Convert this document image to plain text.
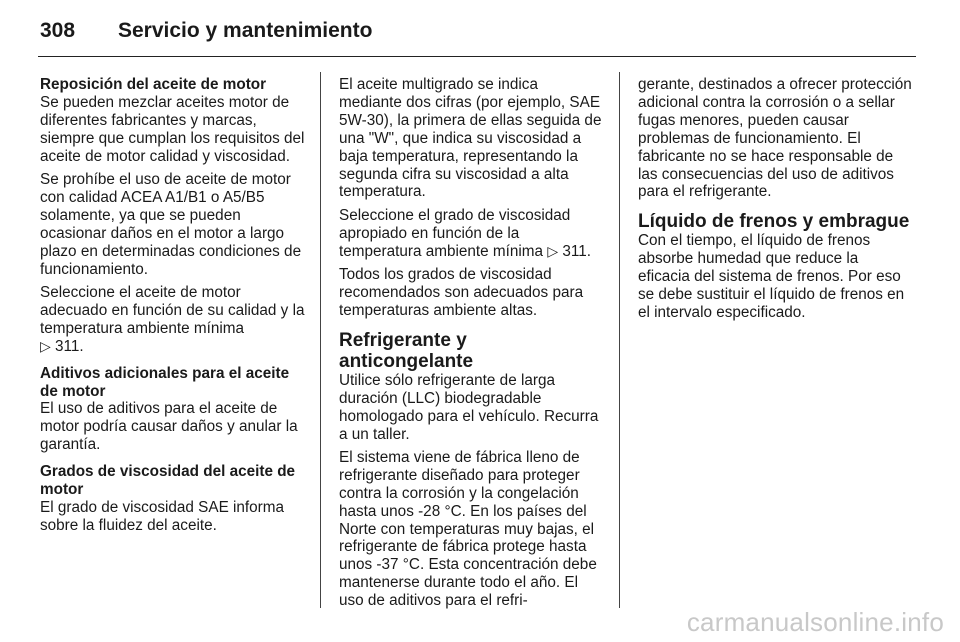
308 Servicio y mantenimiento
Reposición del aceite de motor

Se pueden mezclar aceites motor de diferentes fabricantes y marcas, siempre que cumplan los requisitos del aceite de motor calidad y viscosidad.

Se prohíbe el uso de aceite de motor con calidad ACEA A1/B1 o A5/B5 solamente, ya que se pueden ocasionar daños en el motor a largo plazo en determinadas condiciones de funcionamiento.

Seleccione el aceite de motor adecuado en función de su calidad y la temperatura ambiente mínima
▷ 311.

Aditivos adicionales para el aceite de motor

El uso de aditivos para el aceite de motor podría causar daños y anular la garantía.

Grados de viscosidad del aceite de motor

El grado de viscosidad SAE informa sobre la fluidez del aceite.

El aceite multigrado se indica mediante dos cifras (por ejemplo, SAE 5W-30), la primera de ellas seguida de una "W", que indica su viscosidad a baja temperatura, representando la segunda cifra su viscosidad a alta temperatura.

Seleccione el grado de viscosidad apropiado en función de la temperatura ambiente mínima ▷ 311.

Todos los grados de viscosidad recomendados son adecuados para temperaturas ambiente altas.

Refrigerante y anticongelante

Utilice sólo refrigerante de larga duración (LLC) biodegradable homologado para el vehículo. Recurra a un taller.

El sistema viene de fábrica lleno de refrigerante diseñado para proteger contra la corrosión y la congelación hasta unos -28 °C. En los países del Norte con temperaturas muy bajas, el refrigerante de fábrica protege hasta unos -37 °C. Esta concentración debe mantenerse durante todo el año. El uso de aditivos para el refri-

gerante, destinados a ofrecer protección adicional contra la corrosión o a sellar fugas menores, pueden causar problemas de funcionamiento. El fabricante no se hace responsable de las consecuencias del uso de aditivos para el refrigerante.

Líquido de frenos y embrague

Con el tiempo, el líquido de frenos absorbe humedad que reduce la eficacia del sistema de frenos. Por eso se debe sustituir el líquido de frenos en el intervalo especificado.

carmanualsonline.info
